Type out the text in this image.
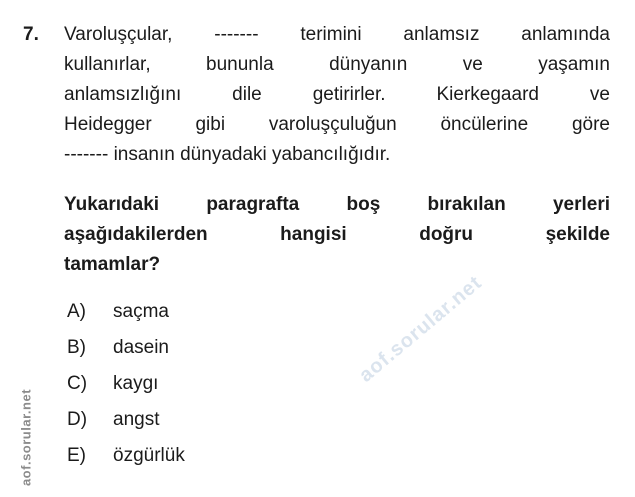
7. Varoluşçular, ------- terimini anlamsız anlamında
kullanırlar, bununla dünyanın ve yaşamın
anlamsızlığını dile getirirler. Kierkegaard ve
Heidegger gibi varoluşçuluğun öncülerine göre
------- insanın dünyadaki yabancılığıdır.
Yukarıdaki paragrafta boş bırakılan yerleri
aşağıdakilerden hangisi doğru şekilde
tamamlar?
A)	saçma
B)	dasein
C)	kaygı
D)	angst
E)	özgürlük
aof.sorular.net
aof.sorular.net
